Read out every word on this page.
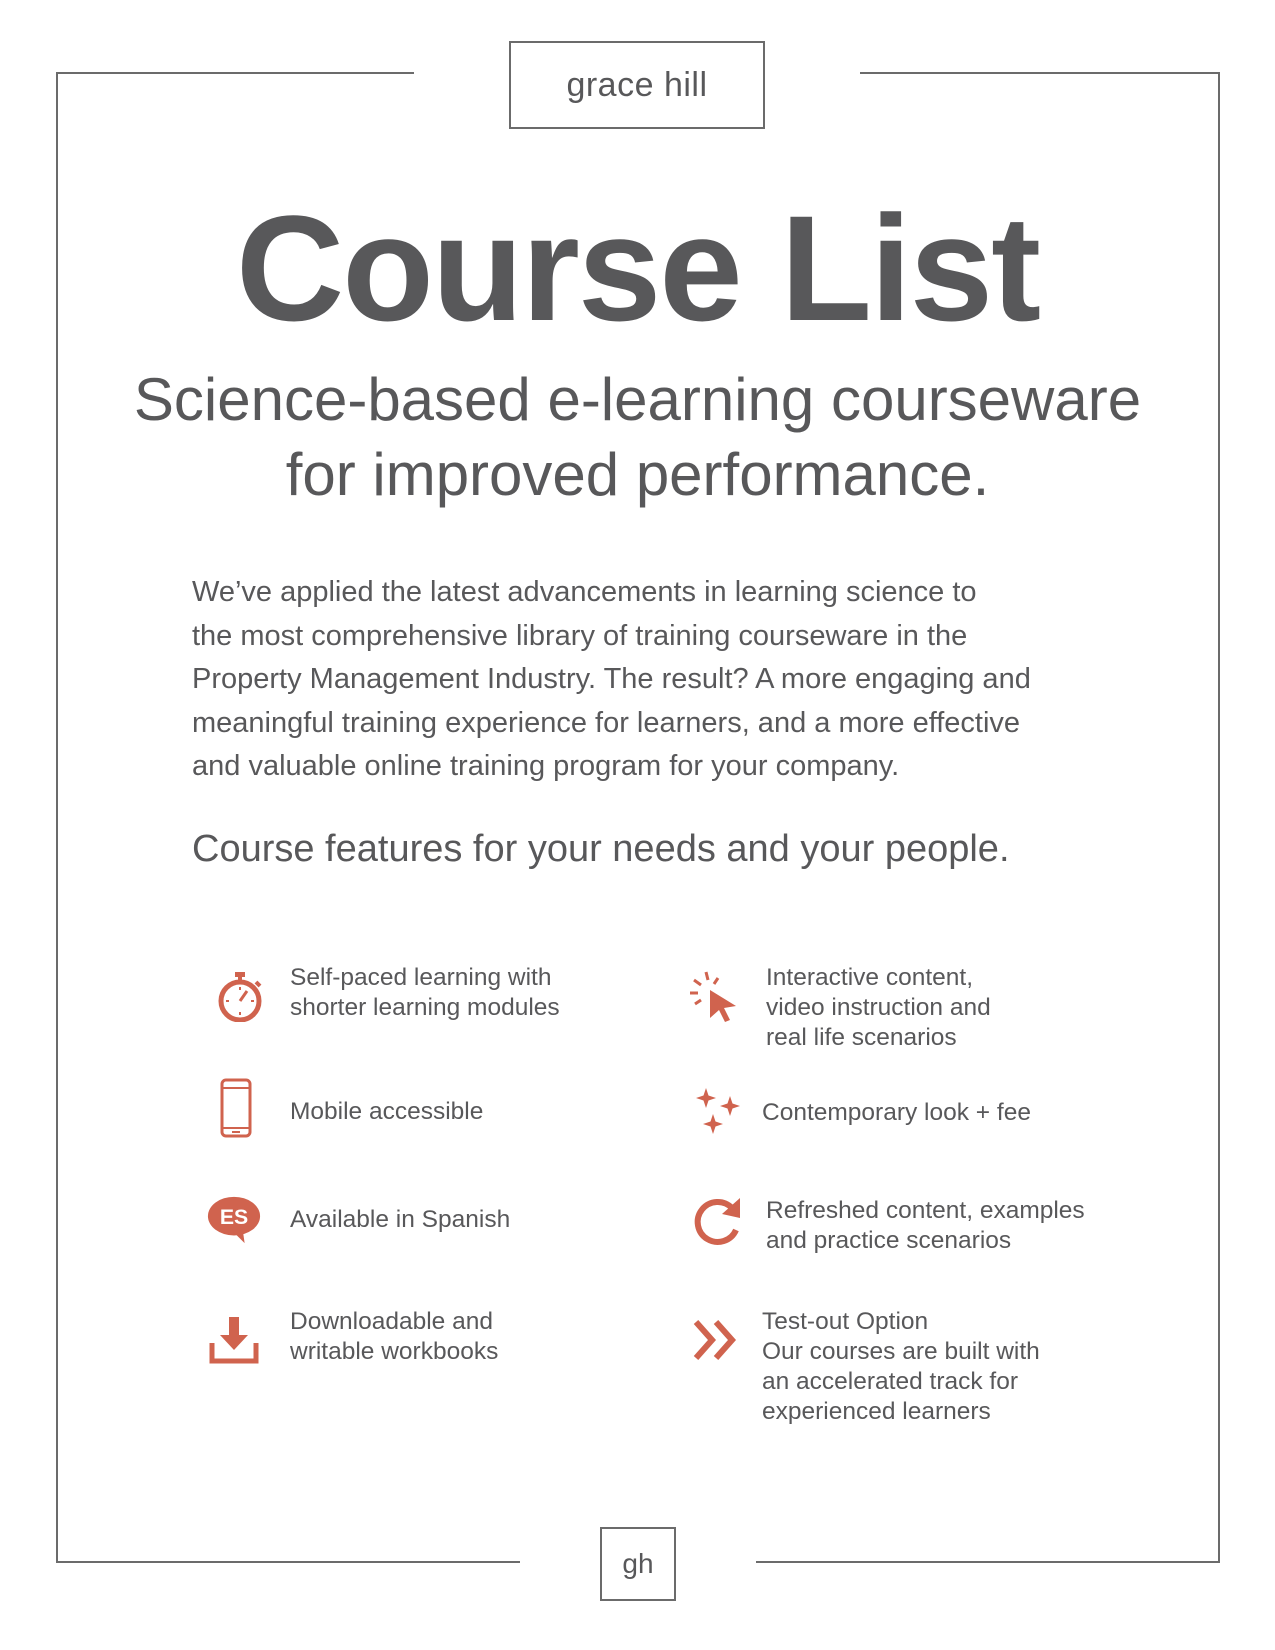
grace hill
Course List
Science-based e-learning courseware
for improved performance.

We’ve applied the latest advancements in learning science to
the most comprehensive library of training courseware in the
Property Management Industry. The result? A more engaging and
meaningful training experience for learners, and a more effective
and valuable online training program for your company.

Course features for your needs and your people.
Self-paced learning with
shorter learning modules
Interactive content,
video instruction and
real life scenarios
Mobile accessible	Contemporary look + fee
ES Available in Spanish	Refreshed content, examples
and practice scenarios
Downloadable and
writable workbooks
Test-out Option
Our courses are built with
an accelerated track for
experienced learners
gh
